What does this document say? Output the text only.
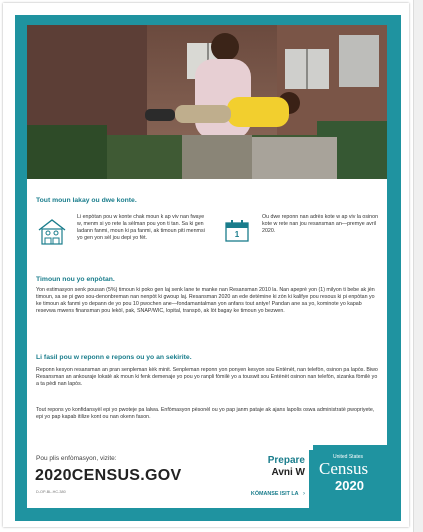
Tout moun lakay ou dwe konte.

Li enpòtan pou w konte chak moun k ap viv nan fwaye w, menm si yo rete la sèlman pou yon ti tan. Sa ki gen ladann fanmi, moun ki pa fanmi, ak timoun piti menmsi yo gen yon sèl jou depi yo fèt.	1

Ou dwe reponn nan adrès kote w ap viv la osinon kote w rete nan jou resansman an—premye avril 2020.

Timoun nou yo enpòtan.

Yon estimasyon senk pousan (5%) timoun ki poko gen laj senk lane te manke nan Resansman 2010 la. Nan apeprè yon (1) milyon ti bebe ak jèn timoun, sa se pi gwo sou-denonbreman nan nenpòt ki gwoup laj. Resansman 2020 an ede detèmine ki zòn ki kalifye pou resous ki pi enpòtan yo ke timoun ak fanmi yo depann de yo pou 10 pwochen ane—fondamantalman yon anfans tout antye! Pandan ane sa yo, kominote yo kapab resevwa mwens finansman pou lekòl, pak, SNAP/WIC, lopital, transpò, ak lòt bagay ke timoun yo bezwen.

Li fasil pou w reponn e repons ou yo an sekirite.

Reponn kesyon resansman an pran senpleman kèk minit. Senpleman reponn yon ponyen kesyon sou Entènèt, nan telefòn, osinon pa lapòs. Biwo Resansman an ankouraje lokatè ak moun ki fenk demenaje yo pou yo ranpli fòmilè yo a touswit sou Entènèt osinon nan telefòn, sizanka fòmilè yo a ta pèdi nan lapòs.

Tout repons yo konfidansyèl epi yo pwoteje pa lalwa. Enfòmasyon pèsonèl ou yo pap janm pataje ak ajans lapolis oswa administratè pwopriyete, epi yo pap kapab itilize kont ou nan okenn fason.

Pou plis enfòmasyon, vizite:
2020CENSUS.GOV
D-OP-BL-HC-380
Prepare
Avni W
KÒMANSE ISIT LA ›
United States
Census
2020
